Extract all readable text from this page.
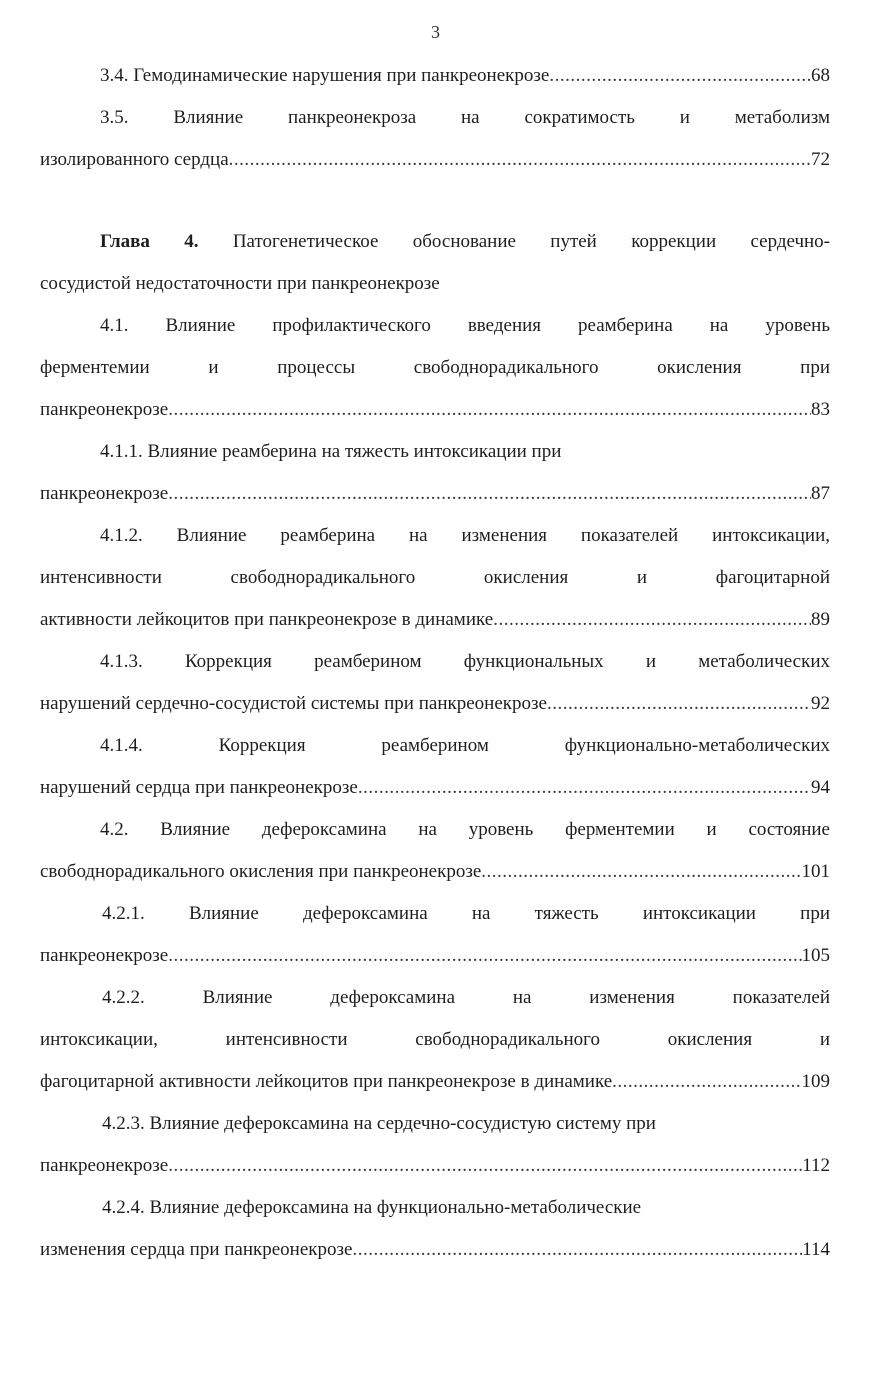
3
3.4. Гемодинамические нарушения при панкреонекрозе .....	68
3.5. Влияние панкреонекроза на сократимость и метаболизм
изолированного сердца .....	72
Глава 4. Патогенетическое обоснование путей коррекции сердечно-
сосудистой недостаточности при панкреонекрозе
4.1. Влияние профилактического введения реамберина на уровень
ферментемии и процессы свободнорадикального окисления при
панкреонекрозе .....	83
4.1.1. Влияние реамберина на тяжесть интоксикации при
панкреонекрозе .....	87
4.1.2. Влияние реамберина на изменения показателей интоксикации,
интенсивности свободнорадикального окисления и фагоцитарной
активности лейкоцитов при панкреонекрозе в динамике .....	89
4.1.3. Коррекция реамберином функциональных и метаболических
нарушений сердечно-сосудистой системы при панкреонекрозе .....	92
4.1.4. Коррекция реамберином функционально-метаболических
нарушений сердца при панкреонекрозе .....	94
4.2. Влияние дефероксамина на уровень ферментемии и состояние
свободнорадикального окисления при панкреонекрозе .....	101
4.2.1. Влияние дефероксамина на тяжесть интоксикации при
панкреонекрозе .....	105
4.2.2. Влияние дефероксамина на изменения показателей
интоксикации, интенсивности свободнорадикального окисления и
фагоцитарной активности лейкоцитов при панкреонекрозе в динамике .....	109
4.2.3. Влияние дефероксамина на сердечно-сосудистую систему при
панкреонекрозе .....	112
4.2.4. Влияние дефероксамина на функционально-метаболические
изменения сердца при панкреонекрозе .....	114
